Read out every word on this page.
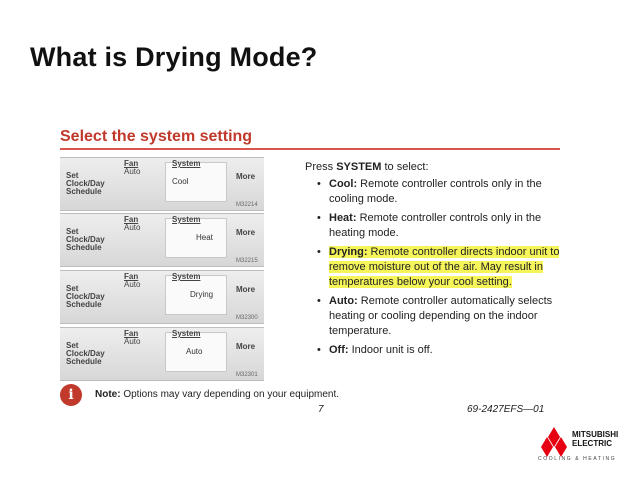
What is Drying Mode?
Select the system setting
Set
Clock/Day
Schedule
Fan
Auto
System
Cool
More
M32214
Set
Clock/Day
Schedule
Fan
Auto
System
Heat
More
M32215
Set
Clock/Day
Schedule
Fan
Auto
System
Drying
More
M32300
Set
Clock/Day
Schedule
Fan
Auto
System
Auto
More
M32301
Press SYSTEM to select:
• Cool: Remote controller controls only in the cooling mode.
• Heat: Remote controller controls only in the heating mode.
• Drying: Remote controller directs indoor unit to remove moisture out of the air. May result in temperatures below your cool setting.
• Auto: Remote controller automatically selects heating or cooling depending on the indoor temperature.
• Off: Indoor unit is off.
i	Note: Options may vary depending on your equipment.
7	69-2427EFS—01
MITSUBISHI
ELECTRIC
COOLING & HEATING
